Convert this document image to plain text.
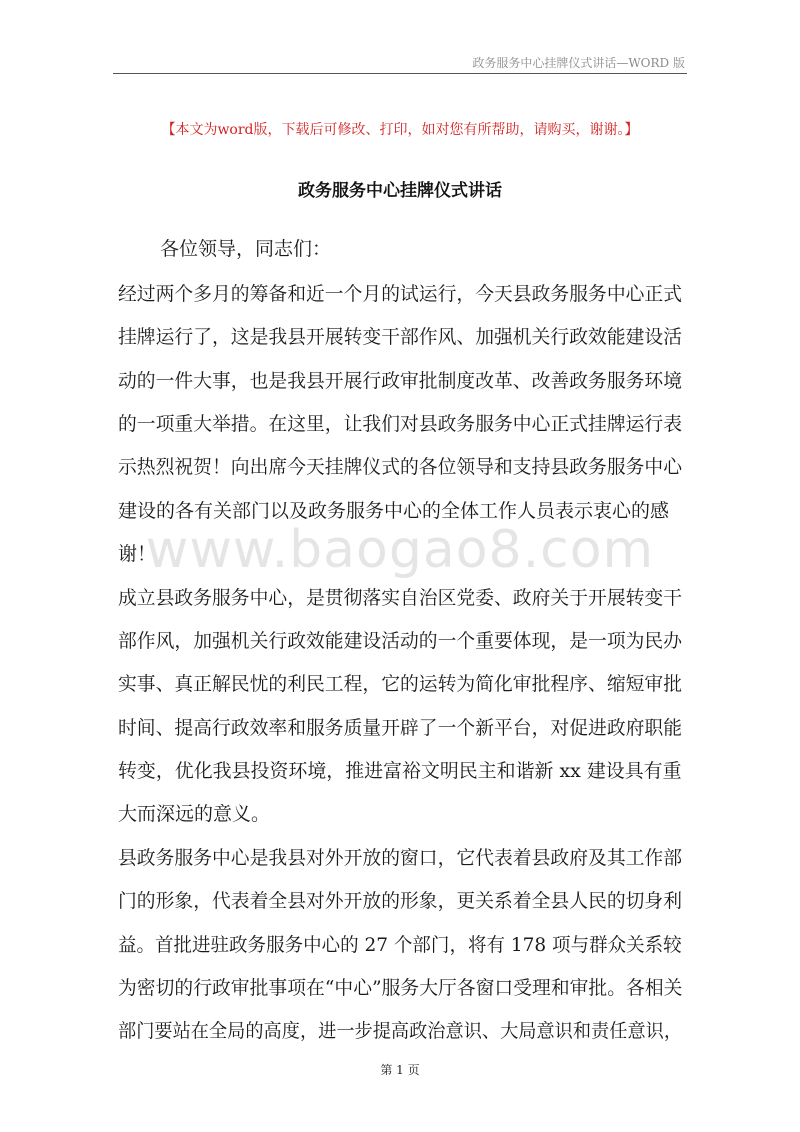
政务服务中心挂牌仪式讲话—WORD 版
【本文为word版，下载后可修改、打印，如对您有所帮助，请购买，谢谢。】
政务服务中心挂牌仪式讲话
各位领导，同志们：
经过两个多月的筹备和近一个月的试运行，今天县政务服务中心正式
挂牌运行了，这是我县开展转变干部作风、加强机关行政效能建设活
动的一件大事，也是我县开展行政审批制度改革、改善政务服务环境
的一项重大举措。在这里，让我们对县政务服务中心正式挂牌运行表
示热烈祝贺！向出席今天挂牌仪式的各位领导和支持县政务服务中心
建设的各有关部门以及政务服务中心的全体工作人员表示衷心的感
谢！
成立县政务服务中心，是贯彻落实自治区党委、政府关于开展转变干
部作风，加强机关行政效能建设活动的一个重要体现，是一项为民办
实事、真正解民忧的利民工程，它的运转为简化审批程序、缩短审批
时间、提高行政效率和服务质量开辟了一个新平台，对促进政府职能
转变，优化我县投资环境，推进富裕文明民主和谐新 xx 建设具有重
大而深远的意义。
县政务服务中心是我县对外开放的窗口，它代表着县政府及其工作部
门的形象，代表着全县对外开放的形象，更关系着全县人民的切身利
益。首批进驻政务服务中心的 27 个部门，将有 178 项与群众关系较
为密切的行政审批事项在“中心”服务大厅各窗口受理和审批。各相关
部门要站在全局的高度，进一步提高政治意识、大局意识和责任意识，
www.baogao8.com
第 1 页
